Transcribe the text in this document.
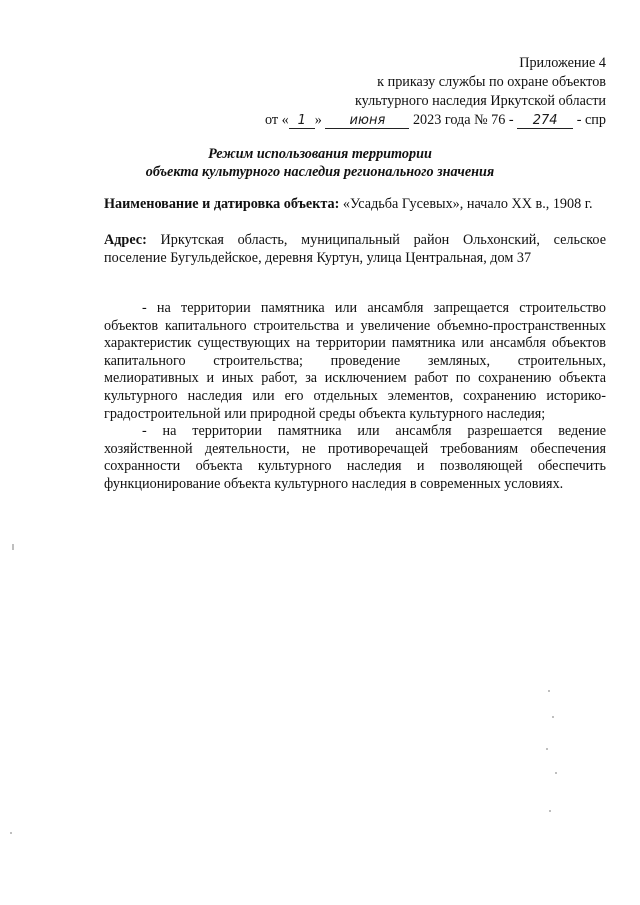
Приложение 4
к приказу службы по охране объектов
культурного наследия Иркутской области
от « 1 » июня 2023 года № 76 - 274 - спр
Режим использования территории
объекта культурного наследия регионального значения
Наименование и датировка объекта: «Усадьба Гусевых», начало XX в., 1908 г.
Адрес: Иркутская область, муниципальный район Ольхонский, сельское поселение Бугульдейское, деревня Куртун, улица Центральная, дом 37

- на территории памятника или ансамбля запрещается строительство объектов капитального строительства и увеличение объемно-пространственных характеристик существующих на территории памятника или ансамбля объектов капитального строительства; проведение земляных, строительных, мелиоративных и иных работ, за исключением работ по сохранению объекта культурного наследия или его отдельных элементов, сохранению историко-градостроительной или природной среды объекта культурного наследия;

- на территории памятника или ансамбля разрешается ведение хозяйственной деятельности, не противоречащей требованиям обеспечения сохранности объекта культурного наследия и позволяющей обеспечить функционирование объекта культурного наследия в современных условиях.
